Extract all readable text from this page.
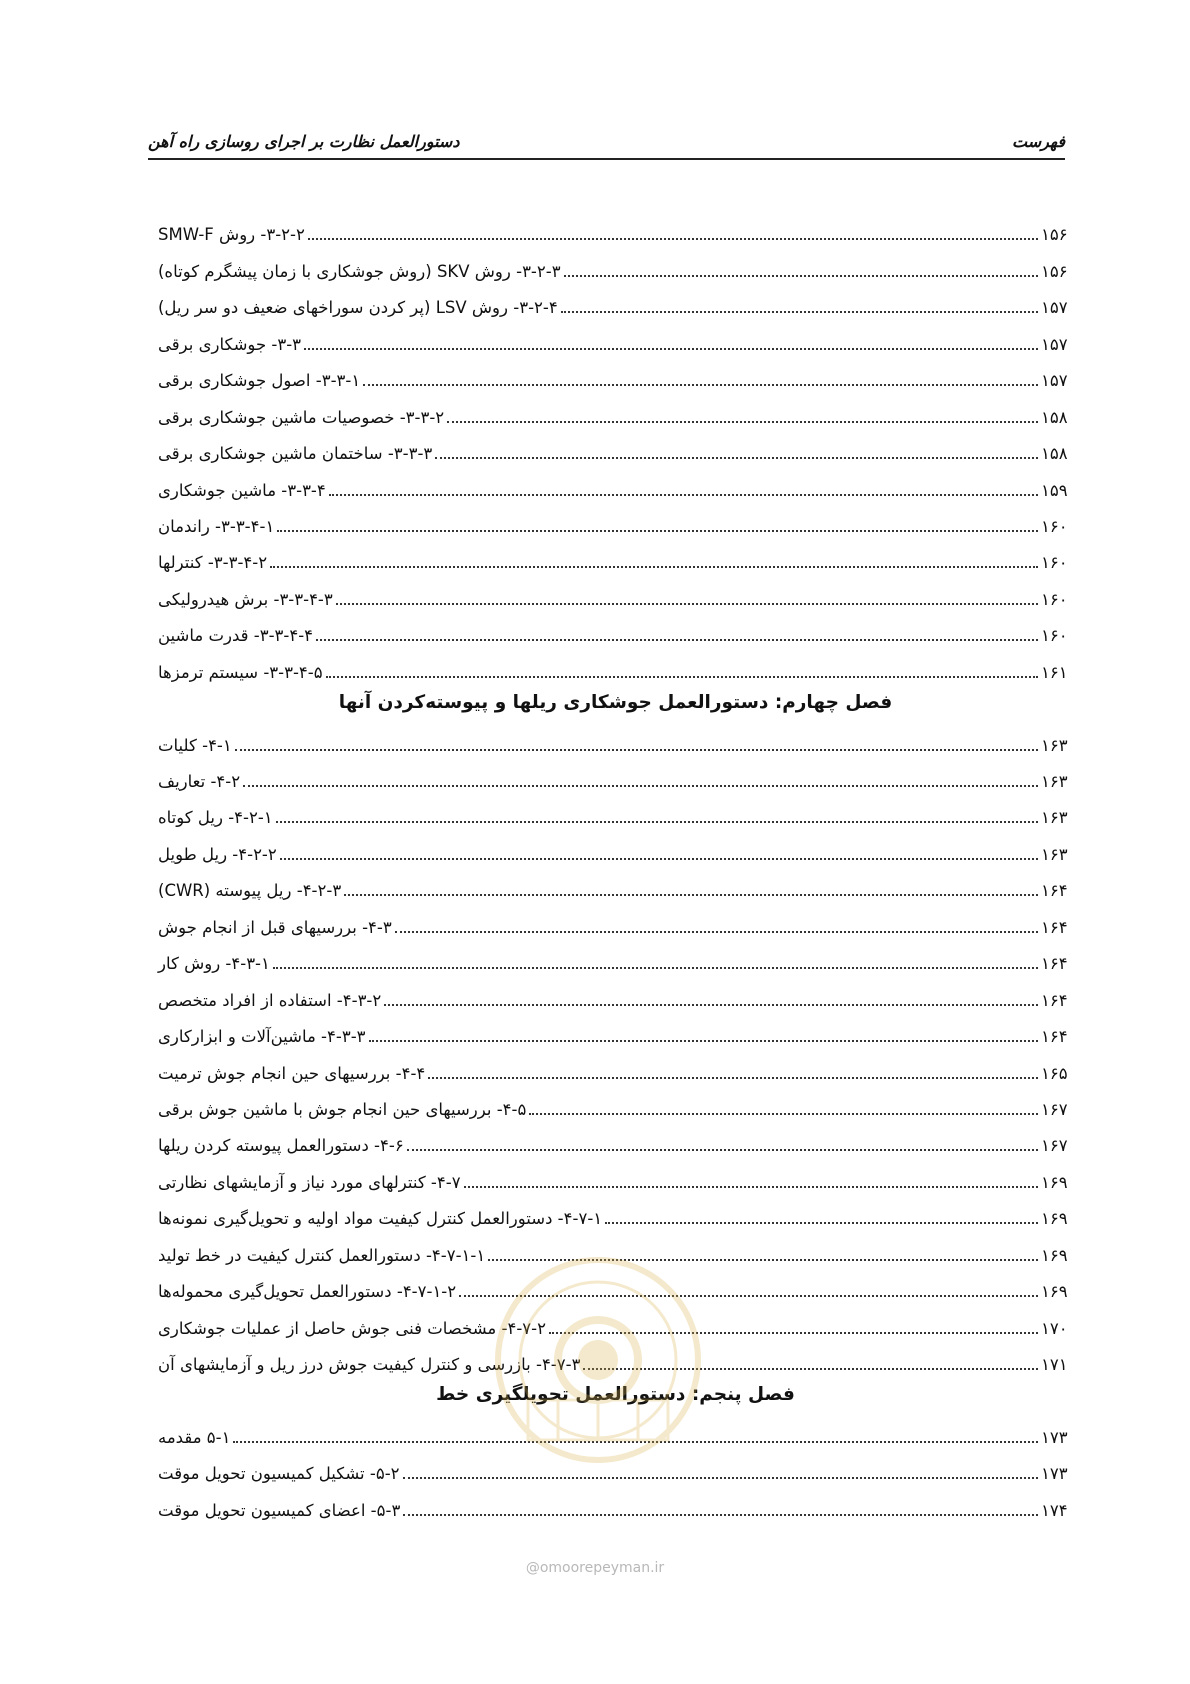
فهرست
دستورالعمل نظارت بر اجرای روسازی راه آهن
۳-۲-۲- روش SMW-F	۱۵۶
۳-۲-۳- روش SKV (روش جوشکاری با زمان پیشگرم کوتاه)	۱۵۶
۳-۲-۴- روش LSV (پر کردن سوراخهای ضعیف دو سر ریل)	۱۵۷
۳-۳- جوشکاری برقی	۱۵۷
۳-۳-۱- اصول جوشکاری برقی	۱۵۷
۳-۳-۲- خصوصیات ماشین جوشکاری برقی	۱۵۸
۳-۳-۳- ساختمان ماشین جوشکاری برقی	۱۵۸
۳-۳-۴- ماشین جوشکاری	۱۵۹
۳-۳-۴-۱- راندمان	۱۶۰
۳-۳-۴-۲- کنترلها	۱۶۰
۳-۳-۴-۳- برش هیدرولیکی	۱۶۰
۳-۳-۴-۴- قدرت ماشین	۱۶۰
۳-۳-۴-۵- سیستم ترمزها	۱۶۱
فصل چهارم: دستورالعمل جوشکاری ریلها و پیوسته‌کردن آنها
۴-۱- کلیات	۱۶۳
۴-۲- تعاریف	۱۶۳
۴-۲-۱- ریل کوتاه	۱۶۳
۴-۲-۲- ریل طویل	۱۶۳
۴-۲-۳- ریل پیوسته (CWR)	۱۶۴
۴-۳- بررسیهای قبل از انجام جوش	۱۶۴
۴-۳-۱- روش کار	۱۶۴
۴-۳-۲- استفاده از افراد متخصص	۱۶۴
۴-۳-۳- ماشین‌آلات و ابزارکاری	۱۶۴
۴-۴- بررسیهای حین انجام جوش ترمیت	۱۶۵
۴-۵- بررسیهای حین انجام جوش با ماشین جوش برقی	۱۶۷
۴-۶- دستورالعمل پیوسته کردن ریلها	۱۶۷
۴-۷- کنترلهای مورد نیاز و آزمایشهای نظارتی	۱۶۹
۴-۷-۱- دستورالعمل کنترل کیفیت مواد اولیه و تحویل‌گیری نمونه‌ها	۱۶۹
۴-۷-۱-۱- دستورالعمل کنترل کیفیت در خط تولید	۱۶۹
۴-۷-۱-۲- دستورالعمل تحویل‌گیری محموله‌ها	۱۶۹
۴-۷-۲- مشخصات فنی جوش حاصل از عملیات جوشکاری	۱۷۰
۴-۷-۳- بازرسی و کنترل کیفیت جوش درز ریل و آزمایشهای آن	۱۷۱
فصل پنجم: دستورالعمل تحویلگیری خط
۵-۱ مقدمه	۱۷۳
۵-۲- تشکیل کمیسیون تحویل موقت	۱۷۳
۵-۳- اعضای کمیسیون تحویل موقت	۱۷۴
@omoorepeyman.ir
